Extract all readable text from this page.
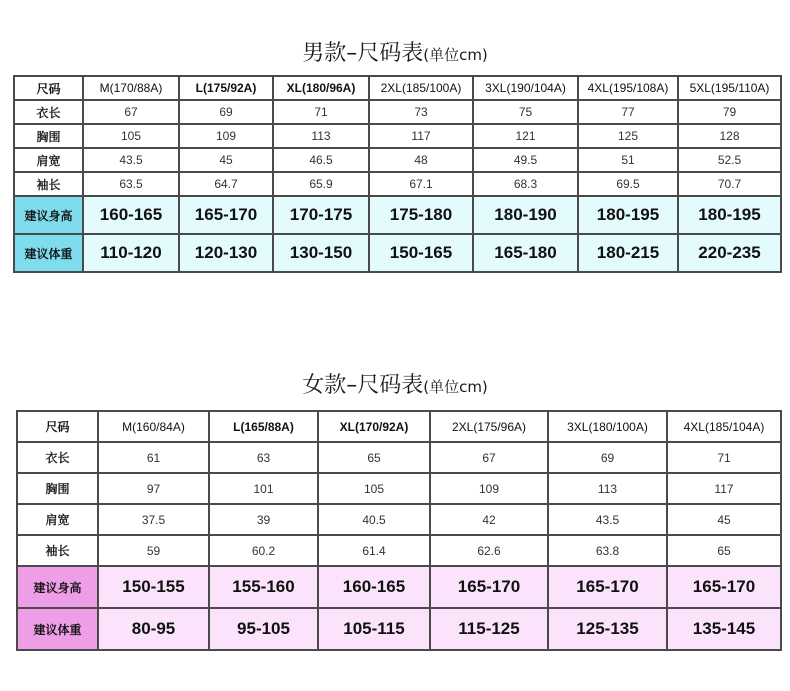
男款–尺码表(单位cm)
尺码	M(170/88A)	L(175/92A)	XL(180/96A)	2XL(185/100A)	3XL(190/104A)	4XL(195/108A)	5XL(195/110A)
衣长	67	69	71	73	75	77	79
胸围	105	109	113	117	121	125	128
肩宽	43.5	45	46.5	48	49.5	51	52.5
袖长	63.5	64.7	65.9	67.1	68.3	69.5	70.7
建议身高	160-165	165-170	170-175	175-180	180-190	180-195	180-195
建议体重	110-120	120-130	130-150	150-165	165-180	180-215	220-235
女款–尺码表(单位cm)
尺码	M(160/84A)	L(165/88A)	XL(170/92A)	2XL(175/96A)	3XL(180/100A)	4XL(185/104A)
衣长	61	63	65	67	69	71
胸围	97	101	105	109	113	117
肩宽	37.5	39	40.5	42	43.5	45
袖长	59	60.2	61.4	62.6	63.8	65
建议身高	150-155	155-160	160-165	165-170	165-170	165-170
建议体重	80-95	95-105	105-115	115-125	125-135	135-145
